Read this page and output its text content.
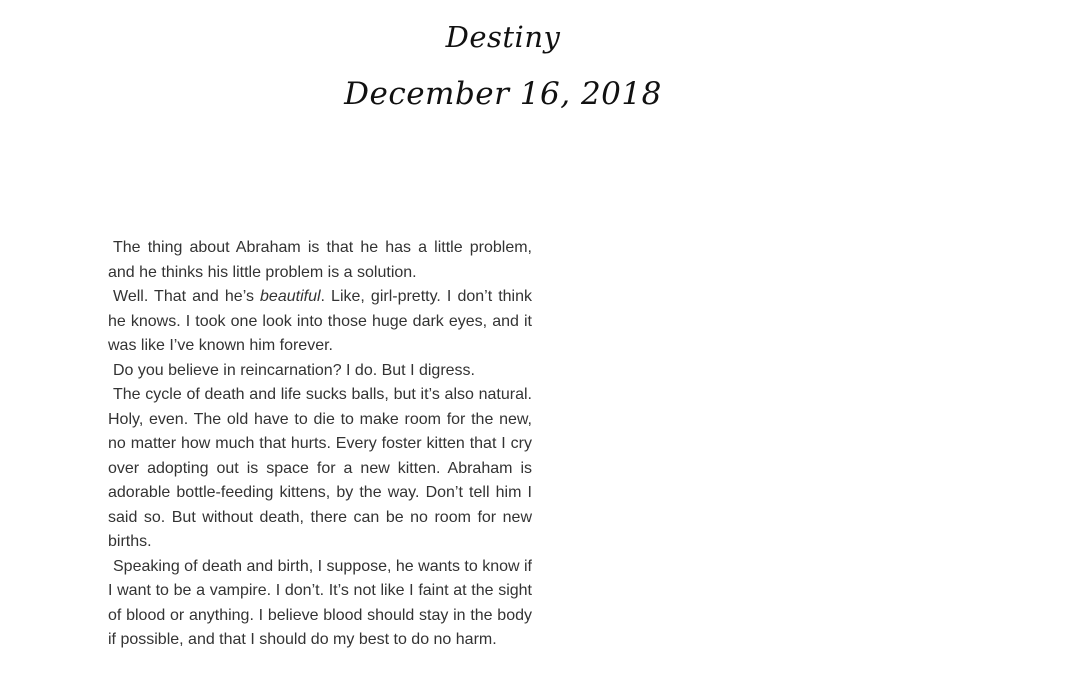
Destiny
December 16, 2018

The thing about Abraham is that he has a little problem, and he thinks his little problem is a solution.

Well. That and he’s beautiful. Like, girl-pretty. I don’t think he knows. I took one look into those huge dark eyes, and it was like I’ve known him forever.

Do you believe in reincarnation? I do. But I digress.

The cycle of death and life sucks balls, but it’s also natural. Holy, even. The old have to die to make room for the new, no matter how much that hurts. Every foster kitten that I cry over adopting out is space for a new kitten. Abraham is adorable bottle-feeding kittens, by the way. Don’t tell him I said so. But without death, there can be no room for new births.

Speaking of death and birth, I suppose, he wants to know if I want to be a vampire. I don’t. It’s not like I faint at the sight of blood or anything. I believe blood should stay in the body if possible, and that I should do my best to do no harm.
